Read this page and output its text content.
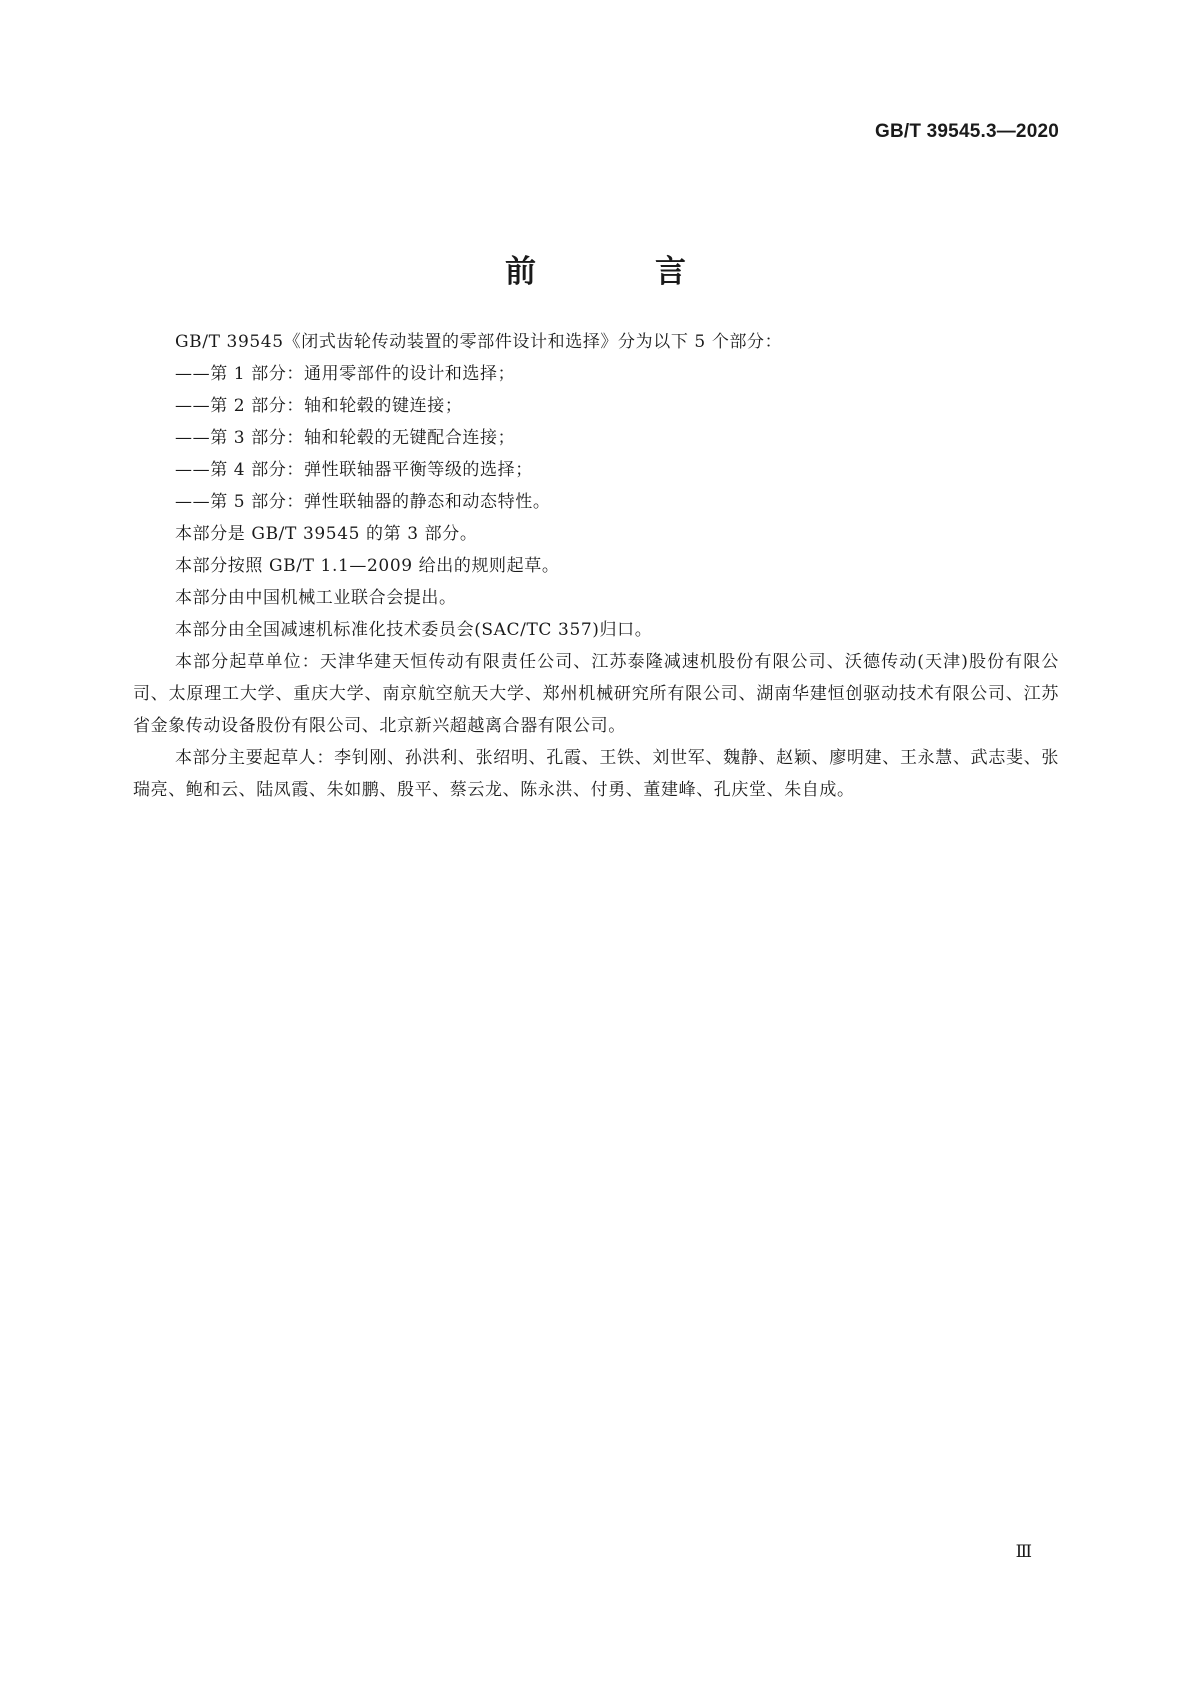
GB/T 39545.3—2020
前　言

GB/T 39545《闭式齿轮传动装置的零部件设计和选择》分为以下 5 个部分：

——第 1 部分：通用零部件的设计和选择；

——第 2 部分：轴和轮毂的键连接；

——第 3 部分：轴和轮毂的无键配合连接；

——第 4 部分：弹性联轴器平衡等级的选择；

——第 5 部分：弹性联轴器的静态和动态特性。

本部分是 GB/T 39545 的第 3 部分。

本部分按照 GB/T 1.1—2009 给出的规则起草。

本部分由中国机械工业联合会提出。

本部分由全国减速机标准化技术委员会(SAC/TC 357)归口。

本部分起草单位：天津华建天恒传动有限责任公司、江苏泰隆减速机股份有限公司、沃德传动(天津)股份有限公司、太原理工大学、重庆大学、南京航空航天大学、郑州机械研究所有限公司、湖南华建恒创驱动技术有限公司、江苏省金象传动设备股份有限公司、北京新兴超越离合器有限公司。

本部分主要起草人：李钊刚、孙洪利、张绍明、孔霞、王铁、刘世军、魏静、赵颖、廖明建、王永慧、武志斐、张瑞亮、鲍和云、陆凤霞、朱如鹏、殷平、蔡云龙、陈永洪、付勇、董建峰、孔庆堂、朱自成。

Ⅲ
